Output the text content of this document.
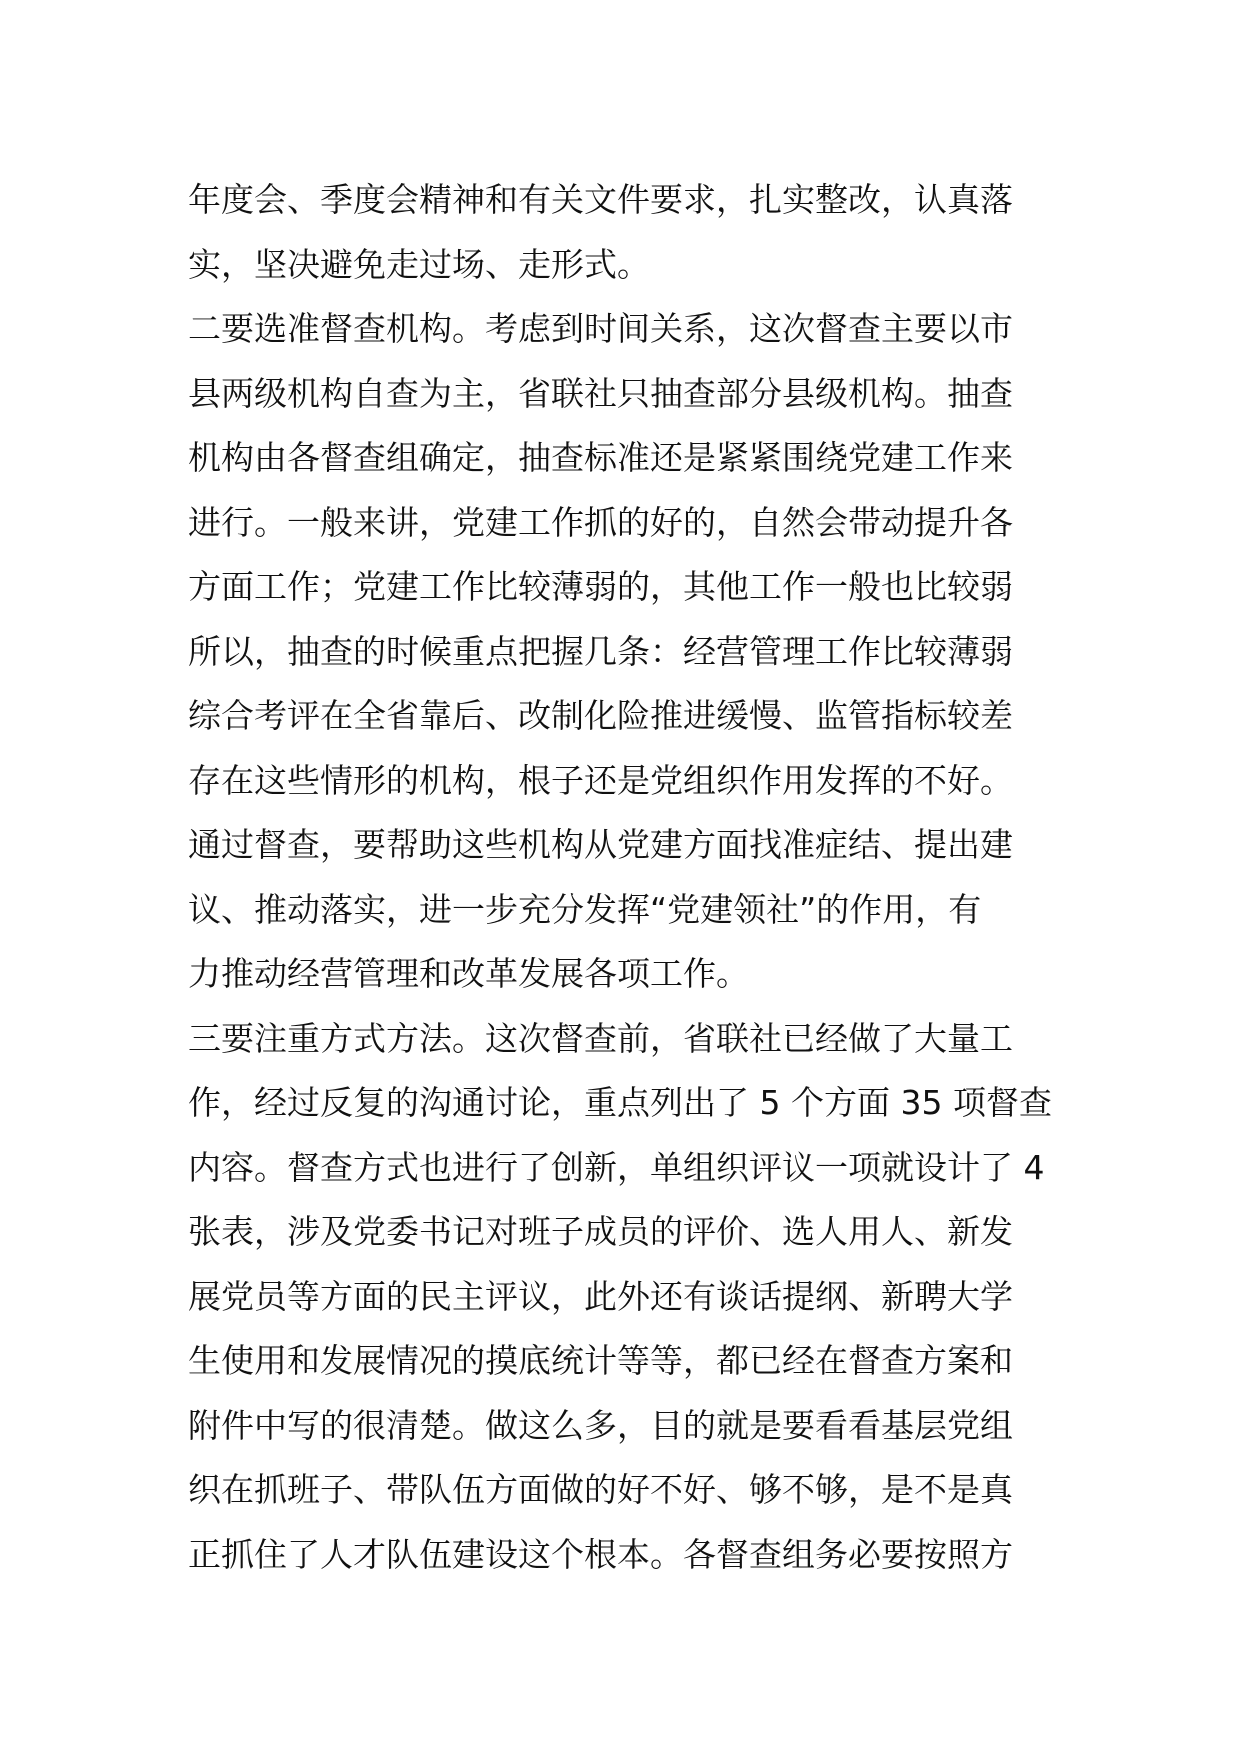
年度会、季度会精神和有关文件要求，扎实整改，认真落
实，坚决避免走过场、走形式。
二要选准督查机构。考虑到时间关系，这次督查主要以市
县两级机构自查为主，省联社只抽查部分县级机构。抽查
机构由各督查组确定，抽查标准还是紧紧围绕党建工作来
进行。一般来讲，党建工作抓的好的，自然会带动提升各
方面工作；党建工作比较薄弱的，其他工作一般也比较弱
所以，抽查的时候重点把握几条：经营管理工作比较薄弱
综合考评在全省靠后、改制化险推进缓慢、监管指标较差
存在这些情形的机构，根子还是党组织作用发挥的不好。
通过督查，要帮助这些机构从党建方面找准症结、提出建
议、推动落实，进一步充分发挥“党建领社”的作用，有
力推动经营管理和改革发展各项工作。
三要注重方式方法。这次督查前，省联社已经做了大量工
作，经过反复的沟通讨论，重点列出了 5 个方面 35 项督查
内容。督查方式也进行了创新，单组织评议一项就设计了 4
张表，涉及党委书记对班子成员的评价、选人用人、新发
展党员等方面的民主评议，此外还有谈话提纲、新聘大学
生使用和发展情况的摸底统计等等，都已经在督查方案和
附件中写的很清楚。做这么多，目的就是要看看基层党组
织在抓班子、带队伍方面做的好不好、够不够，是不是真
正抓住了人才队伍建设这个根本。各督查组务必要按照方
